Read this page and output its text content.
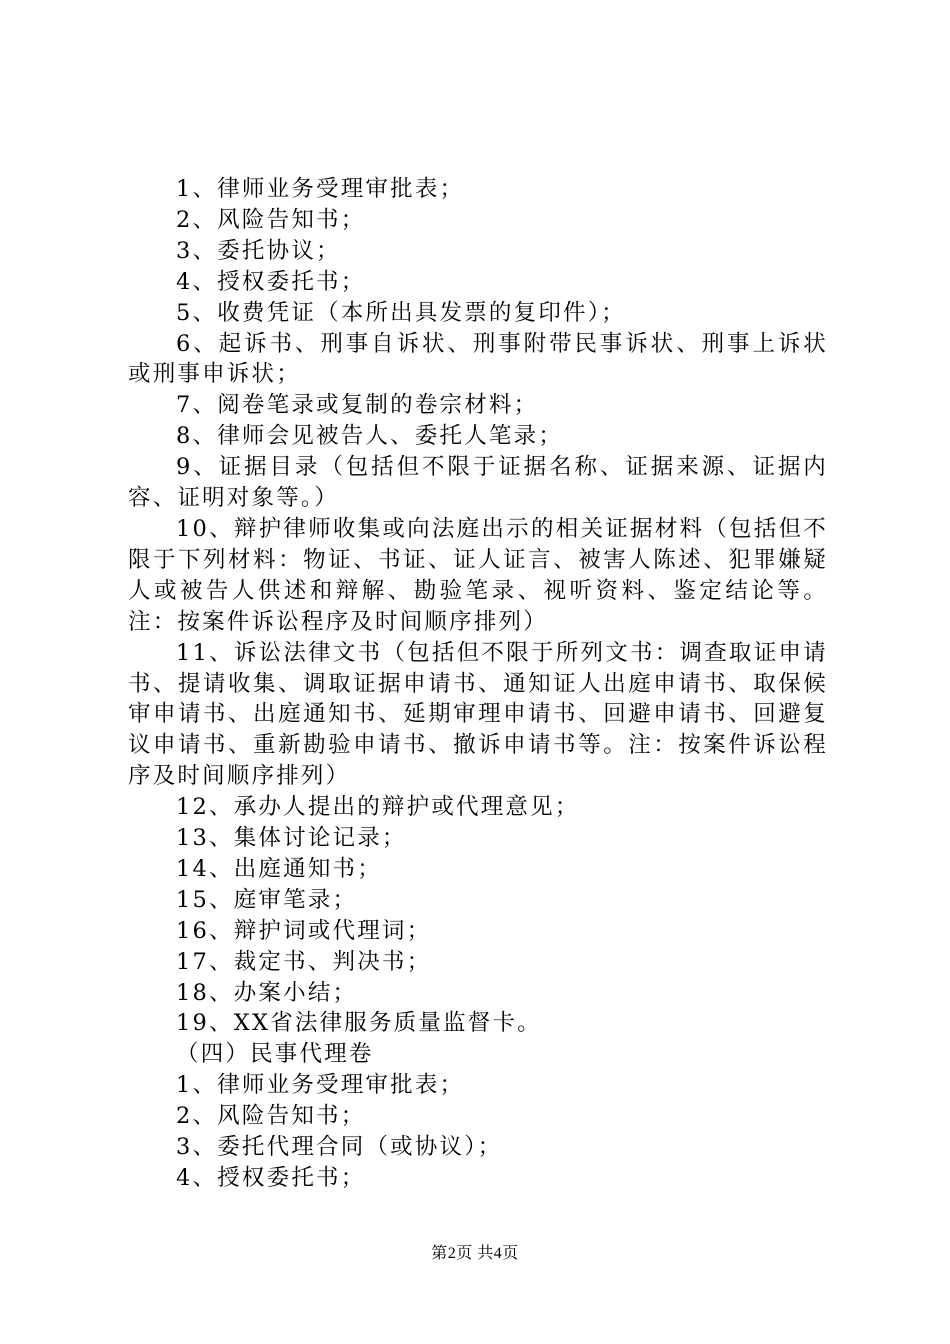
1、律师业务受理审批表；

2、风险告知书；

3、委托协议；

4、授权委托书；

5、收费凭证（本所出具发票的复印件）；

6、起诉书、刑事自诉状、刑事附带民事诉状、刑事上诉状或刑事申诉状；

7、阅卷笔录或复制的卷宗材料；

8、律师会见被告人、委托人笔录；

9、证据目录（包括但不限于证据名称、证据来源、证据内容、证明对象等。）

10、辩护律师收集或向法庭出示的相关证据材料（包括但不限于下列材料：物证、书证、证人证言、被害人陈述、犯罪嫌疑人或被告人供述和辩解、勘验笔录、视听资料、鉴定结论等。注：按案件诉讼程序及时间顺序排列）

11、诉讼法律文书（包括但不限于所列文书：调查取证申请书、提请收集、调取证据申请书、通知证人出庭申请书、取保候审申请书、出庭通知书、延期审理申请书、回避申请书、回避复议申请书、重新勘验申请书、撤诉申请书等。注：按案件诉讼程序及时间顺序排列）

12、承办人提出的辩护或代理意见；

13、集体讨论记录；

14、出庭通知书；

15、庭审笔录；

16、辩护词或代理词；

17、裁定书、判决书；

18、办案小结；

19、XX省法律服务质量监督卡。

（四）民事代理卷

1、律师业务受理审批表；

2、风险告知书；

3、委托代理合同（或协议）；

4、授权委托书；

第2页 共4页
